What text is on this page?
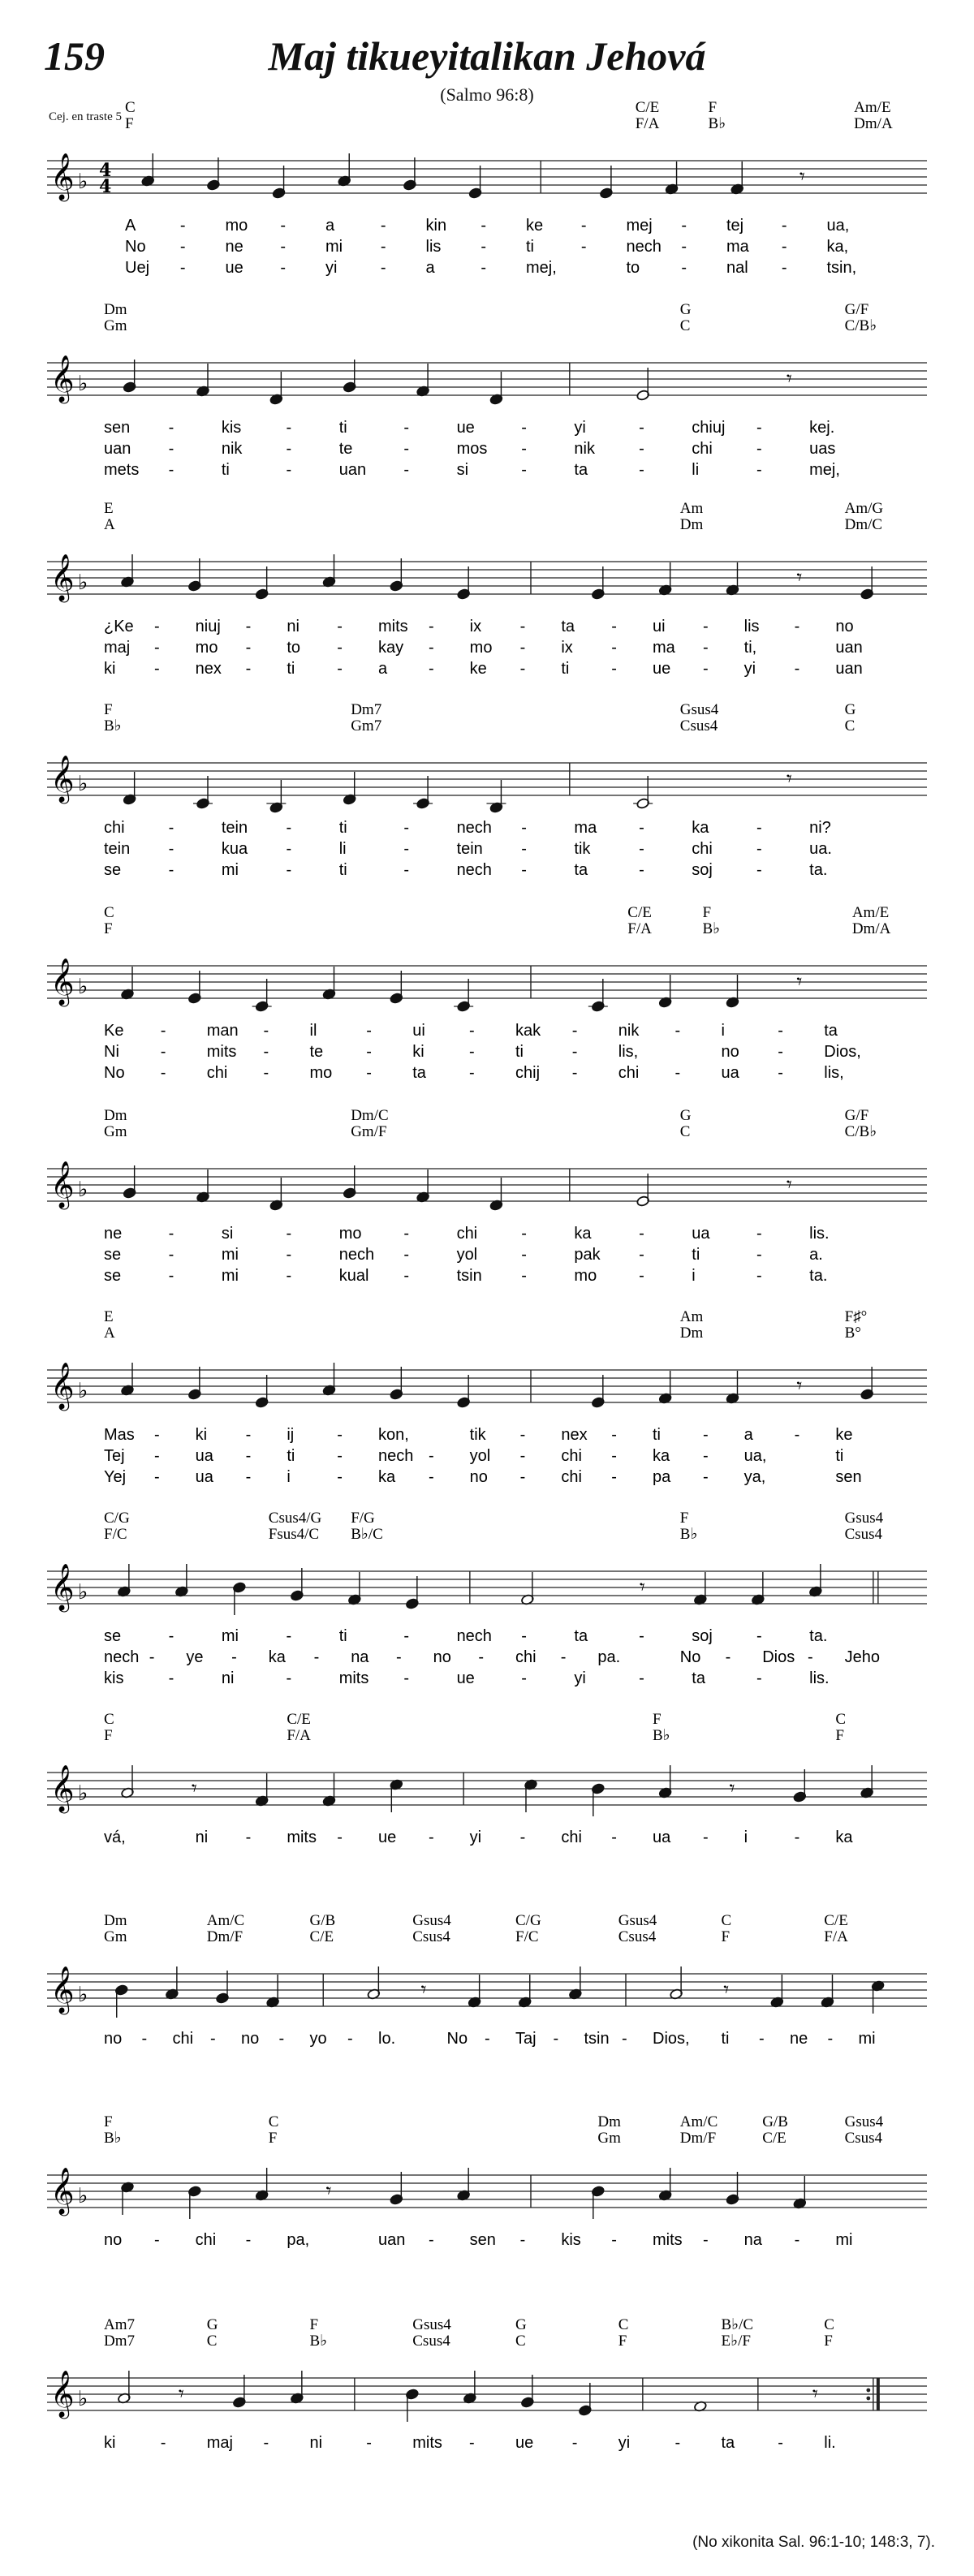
159	Maj tikueyitalikan Jehová
(Salmo 96:8)
Cej. en traste 5
𝄞 ♭ 4
4	𝄾
C	C/E	F	Am/E
F	F/A	B♭	Dm/A
A	- mo - a	- kin - ke - mej - tej - ua,
No - ne - mi - lis - ti	- nech - ma - ka,
Uej - ue - yi	- a	- mej,	to	- nal - tsin,
𝄞 ♭	𝄾
Dm	G	G/F
Gm	C	C/B♭
sen -	kis	-	ti	-	ue	-	yi	-	chiuj -	kej.
uan -	nik	-	te	-	mos -	nik	-	chi	-	uas
mets -	ti	-	uan -	si	-	ta	-	li	-	mej,
𝄞 ♭	𝄾
E	Am	Am/G
A	Dm	Dm/C
¿Ke - niuj - ni - mits - ix - ta - ui - lis - no
maj - mo - to - kay - mo - ix - ma - ti,	uan
ki - nex - ti	- a	- ke - ti	- ue - yi - uan
𝄞 ♭	𝄾
F	Dm7	Gsus4	G
B♭	Gm7	Csus4	C
chi	-	tein -	ti	-	nech -	ma	-	ka	-	ni?
tein -	kua -	li	-	tein -	tik	-	chi	-	ua.
se	-	mi	-	ti	-	nech -	ta	-	soj	-	ta.
𝄞 ♭	𝄾
C	C/E	F	Am/E
F	F/A	B♭	Dm/A
Ke -	man -	il	-	ui	-	kak -	nik -	i	-	ta
Ni	-	mits -	te	-	ki	-	ti	-	lis,	no -	Dios,
No -	chi -	mo -	ta	-	chij -	chi -	ua -	lis,
𝄞 ♭	𝄾
Dm	Dm/C	G	G/F
Gm	Gm/F	C	C/B♭
ne	-	si	-	mo	-	chi	-	ka	-	ua	-	lis.
se	-	mi	-	nech -	yol	-	pak -	ti	-	a.
se	-	mi	-	kual -	tsin -	mo	-	i	-	ta.
𝄞 ♭	𝄾
E	Am	F♯°
A	Dm	B°
Mas - ki - ij	- kon,	tik - nex - ti	- a	- ke
Tej - ua - ti	- nech - yol - chi - ka - ua,	ti
Yej - ua - i	- ka - no - chi - pa - ya,	sen
𝄞 ♭	𝄾
C/G	Csus4/G F/G	F	Gsus4
F/C	Fsus4/C B♭/C	B♭	Csus4
se	-	mi	-	ti	-	nech -	ta	-	soj	-	ta.
nech - ye - ka - na - no - chi - pa.	No - Dios - Jeho
kis	-	ni	-	mits -	ue	-	yi	-	ta	-	lis.
𝄞 ♭	𝄾	𝄾
C	C/E	F	C
F	F/A	B♭	F
vá,	ni - mits - ue - yi - chi - ua - i	- ka
𝄞 ♭	𝄾	𝄾
Dm	Am/C	G/B	Gsus4	C/G	Gsus4	C	C/E
Gm	Dm/F	C/E	Csus4	F/C	Csus4	F	F/A
no - chi - no - yo - lo.	No - Taj - tsin - Dios, ti - ne - mi
𝄞 ♭	𝄾
F	C	Dm	Am/C	G/B	Gsus4
B♭	F	Gm	Dm/F	C/E	Csus4
no - chi - pa,	uan - sen - kis - mits - na - mi
𝄞 ♭	𝄾	𝄾
Am7	G	F	Gsus4	G	C	B♭/C	C
Dm7	C	B♭	Csus4	C	F	E♭/F	F
ki	-	maj -	ni	-	mits -	ue -	yi	-	ta	-	li.
(No xikonita Sal. 96:1-10; 148:3, 7).
